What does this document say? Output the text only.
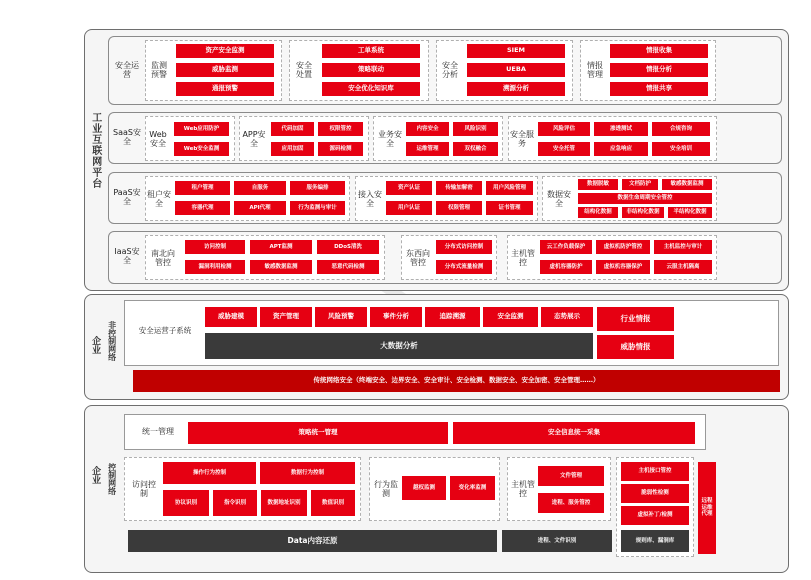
工业互联网平台
安全运营
监测预警
资产安全监测
威胁监测
通报预警
安全处置
工单系统
策略联动
安全优化知识库
安全分析
SIEM
UEBA
溯源分析
情报管理
情报收集
情报分析
情报共享
SaaS安全
Web安全
Web应用防护
Web安全监测
APP安全
代码加固	权限管控
应用加固	源码检测
业务安全
内容安全	风险识别
运维管理	双权融合
安全服务
风险评估	渗透测试	合规咨询
安全托管	应急响应	安全培训
PaaS安全
租户安全
租户管理	自服务	服务编排
容器代理	API代理	行为监测与审计
接入安全
资产认证	传输加解密	用户风险管理
用户认证	权限管理	证书管理
数据安全
数据脱敏	文档防护	敏感数据监测
数据生命周期安全管控
结构化数据	非结构化数据	半结构化数据
IaaS安全
南北向管控
访问控制	APT监测	DDoS清洗
漏洞利用检测	敏感数据监测	恶意代码检测
东西向管控
分布式访问控制
分布式流量检测
主机管控
云工作负载保护	虚拟机防护管控	主机监控与审计
虚机容器防护	虚拟机容器保护	云服主机隔离
企业 非控制网络	安全运营子系统
威胁建模	资产管理	风险预警	事件分析	追踪溯源	安全监测	态势展示
大数据分析
行业情报
威胁情报
传统网络安全（终端安全、边界安全、安全审计、安全检测、数据安全、安全加密、安全管理……）
企业 控制网络
统一管理	策略统一管理	安全信息统一采集
访问控制
操作行为控制	数据行为控制
协议识别	指令识别	数据地址识别	数值识别
行为监测
越权监测	变化率监测	主机管控
文件管理
进程、服务管控
主机接口管控
脆弱性检测
虚拟补丁/检测
规则库、漏洞库
远程运维代理
Data内容还原	进程、文件识别
